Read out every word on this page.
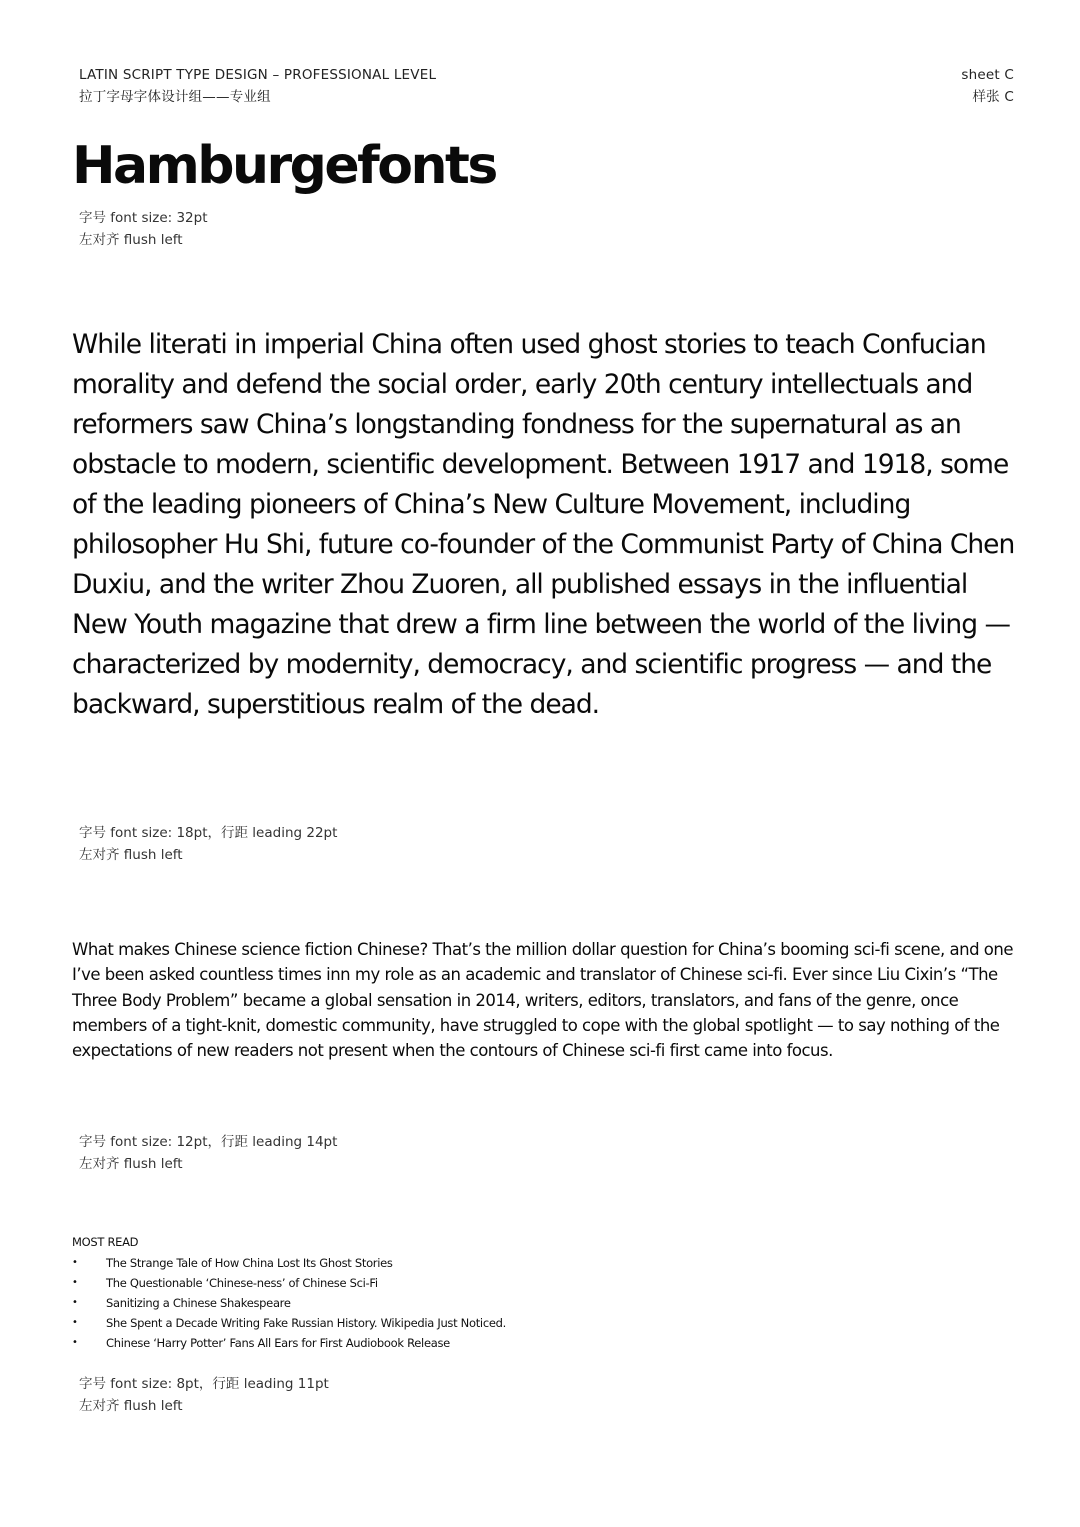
LATIN SCRIPT TYPE DESIGN – PROFESSIONAL LEVEL
拉丁字母字体设计组——专业组
sheet C
样张 C
Hamburgefonts
字号 font size: 32pt
左对齐 flush left

While literati in imperial China often used ghost stories to teach Confucian morality and defend the social order, early 20th century intellectuals and reformers saw China’s longstanding fondness for the supernatural as an obstacle to modern, scientific development. Between 1917 and 1918, some of the leading pioneers of China’s New Culture Movement, including philosopher Hu Shi, future co-founder of the Communist Party of China Chen Duxiu, and the writer Zhou Zuoren, all published essays in the influential New Youth magazine that drew a firm line between the world of the living — characterized by modernity, democracy, and scientific progress — and the backward, superstitious realm of the dead.

字号 font size: 18pt，行距 leading 22pt
左对齐 flush left

What makes Chinese science fiction Chinese? That’s the million dollar question for China’s booming sci-fi scene, and one I’ve been asked countless times inn my role as an academic and translator of Chinese sci-fi. Ever since Liu Cixin’s “The Three Body Problem” became a global sensation in 2014, writers, editors, translators, and fans of the genre, once members of a tight-knit, domestic community, have struggled to cope with the global spotlight — to say nothing of the expectations of new readers not present when the contours of Chinese sci-fi first came into focus.

字号 font size: 12pt，行距 leading 14pt
左对齐 flush left
MOST READ
• The Strange Tale of How China Lost Its Ghost Stories
• The Questionable ‘Chinese-ness’ of Chinese Sci-Fi
• Sanitizing a Chinese Shakespeare
• She Spent a Decade Writing Fake Russian History. Wikipedia Just Noticed.
• Chinese ‘Harry Potter’ Fans All Ears for First Audiobook Release
字号 font size: 8pt，行距 leading 11pt
左对齐 flush left
